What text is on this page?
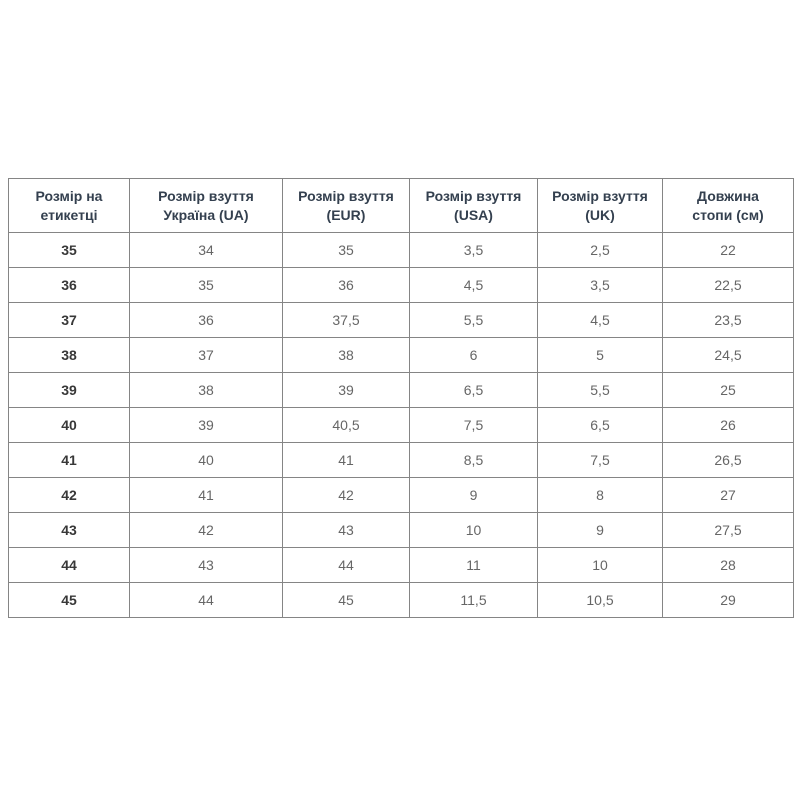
Розмір на етикетці	Розмір взуття Україна (UA)	Розмір взуття (EUR)	Розмір взуття (USA)	Розмір взуття (UK)	Довжина стопи (см)
35	34	35	3,5	2,5	22
36	35	36	4,5	3,5	22,5
37	36	37,5	5,5	4,5	23,5
38	37	38	6	5	24,5
39	38	39	6,5	5,5	25
40	39	40,5	7,5	6,5	26
41	40	41	8,5	7,5	26,5
42	41	42	9	8	27
43	42	43	10	9	27,5
44	43	44	11	10	28
45	44	45	11,5	10,5	29
